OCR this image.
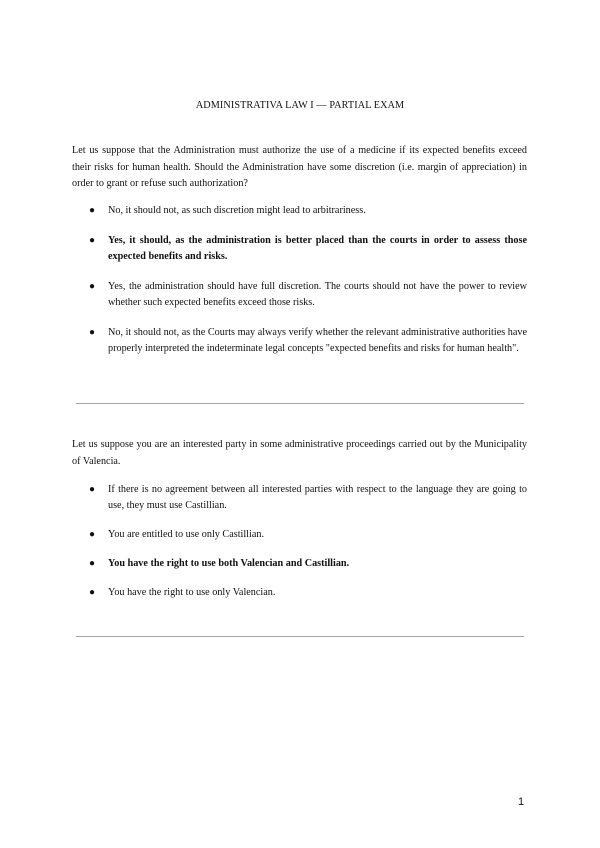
ADMINISTRATIVA LAW I — PARTIAL EXAM
Let us suppose that the Administration must authorize the use of a medicine if its expected benefits exceed their risks for human health. Should the Administration have some discretion (i.e. margin of appreciation) in order to grant or refuse such authorization?
● No, it should not, as such discretion might lead to arbitrariness.
● Yes, it should, as the administration is better placed than the courts in order to assess those expected benefits and risks.
● Yes, the administration should have full discretion. The courts should not have the power to review whether such expected benefits exceed those risks.
● No, it should not, as the Courts may always verify whether the relevant administrative authorities have properly interpreted the indeterminate legal concepts "expected benefits and risks for human health".
Let us suppose you are an interested party in some administrative proceedings carried out by the Municipality of Valencia.
● If there is no agreement between all interested parties with respect to the language they are going to use, they must use Castillian.
● You are entitled to use only Castillian.
● You have the right to use both Valencian and Castillian.
● You have the right to use only Valencian.
1
